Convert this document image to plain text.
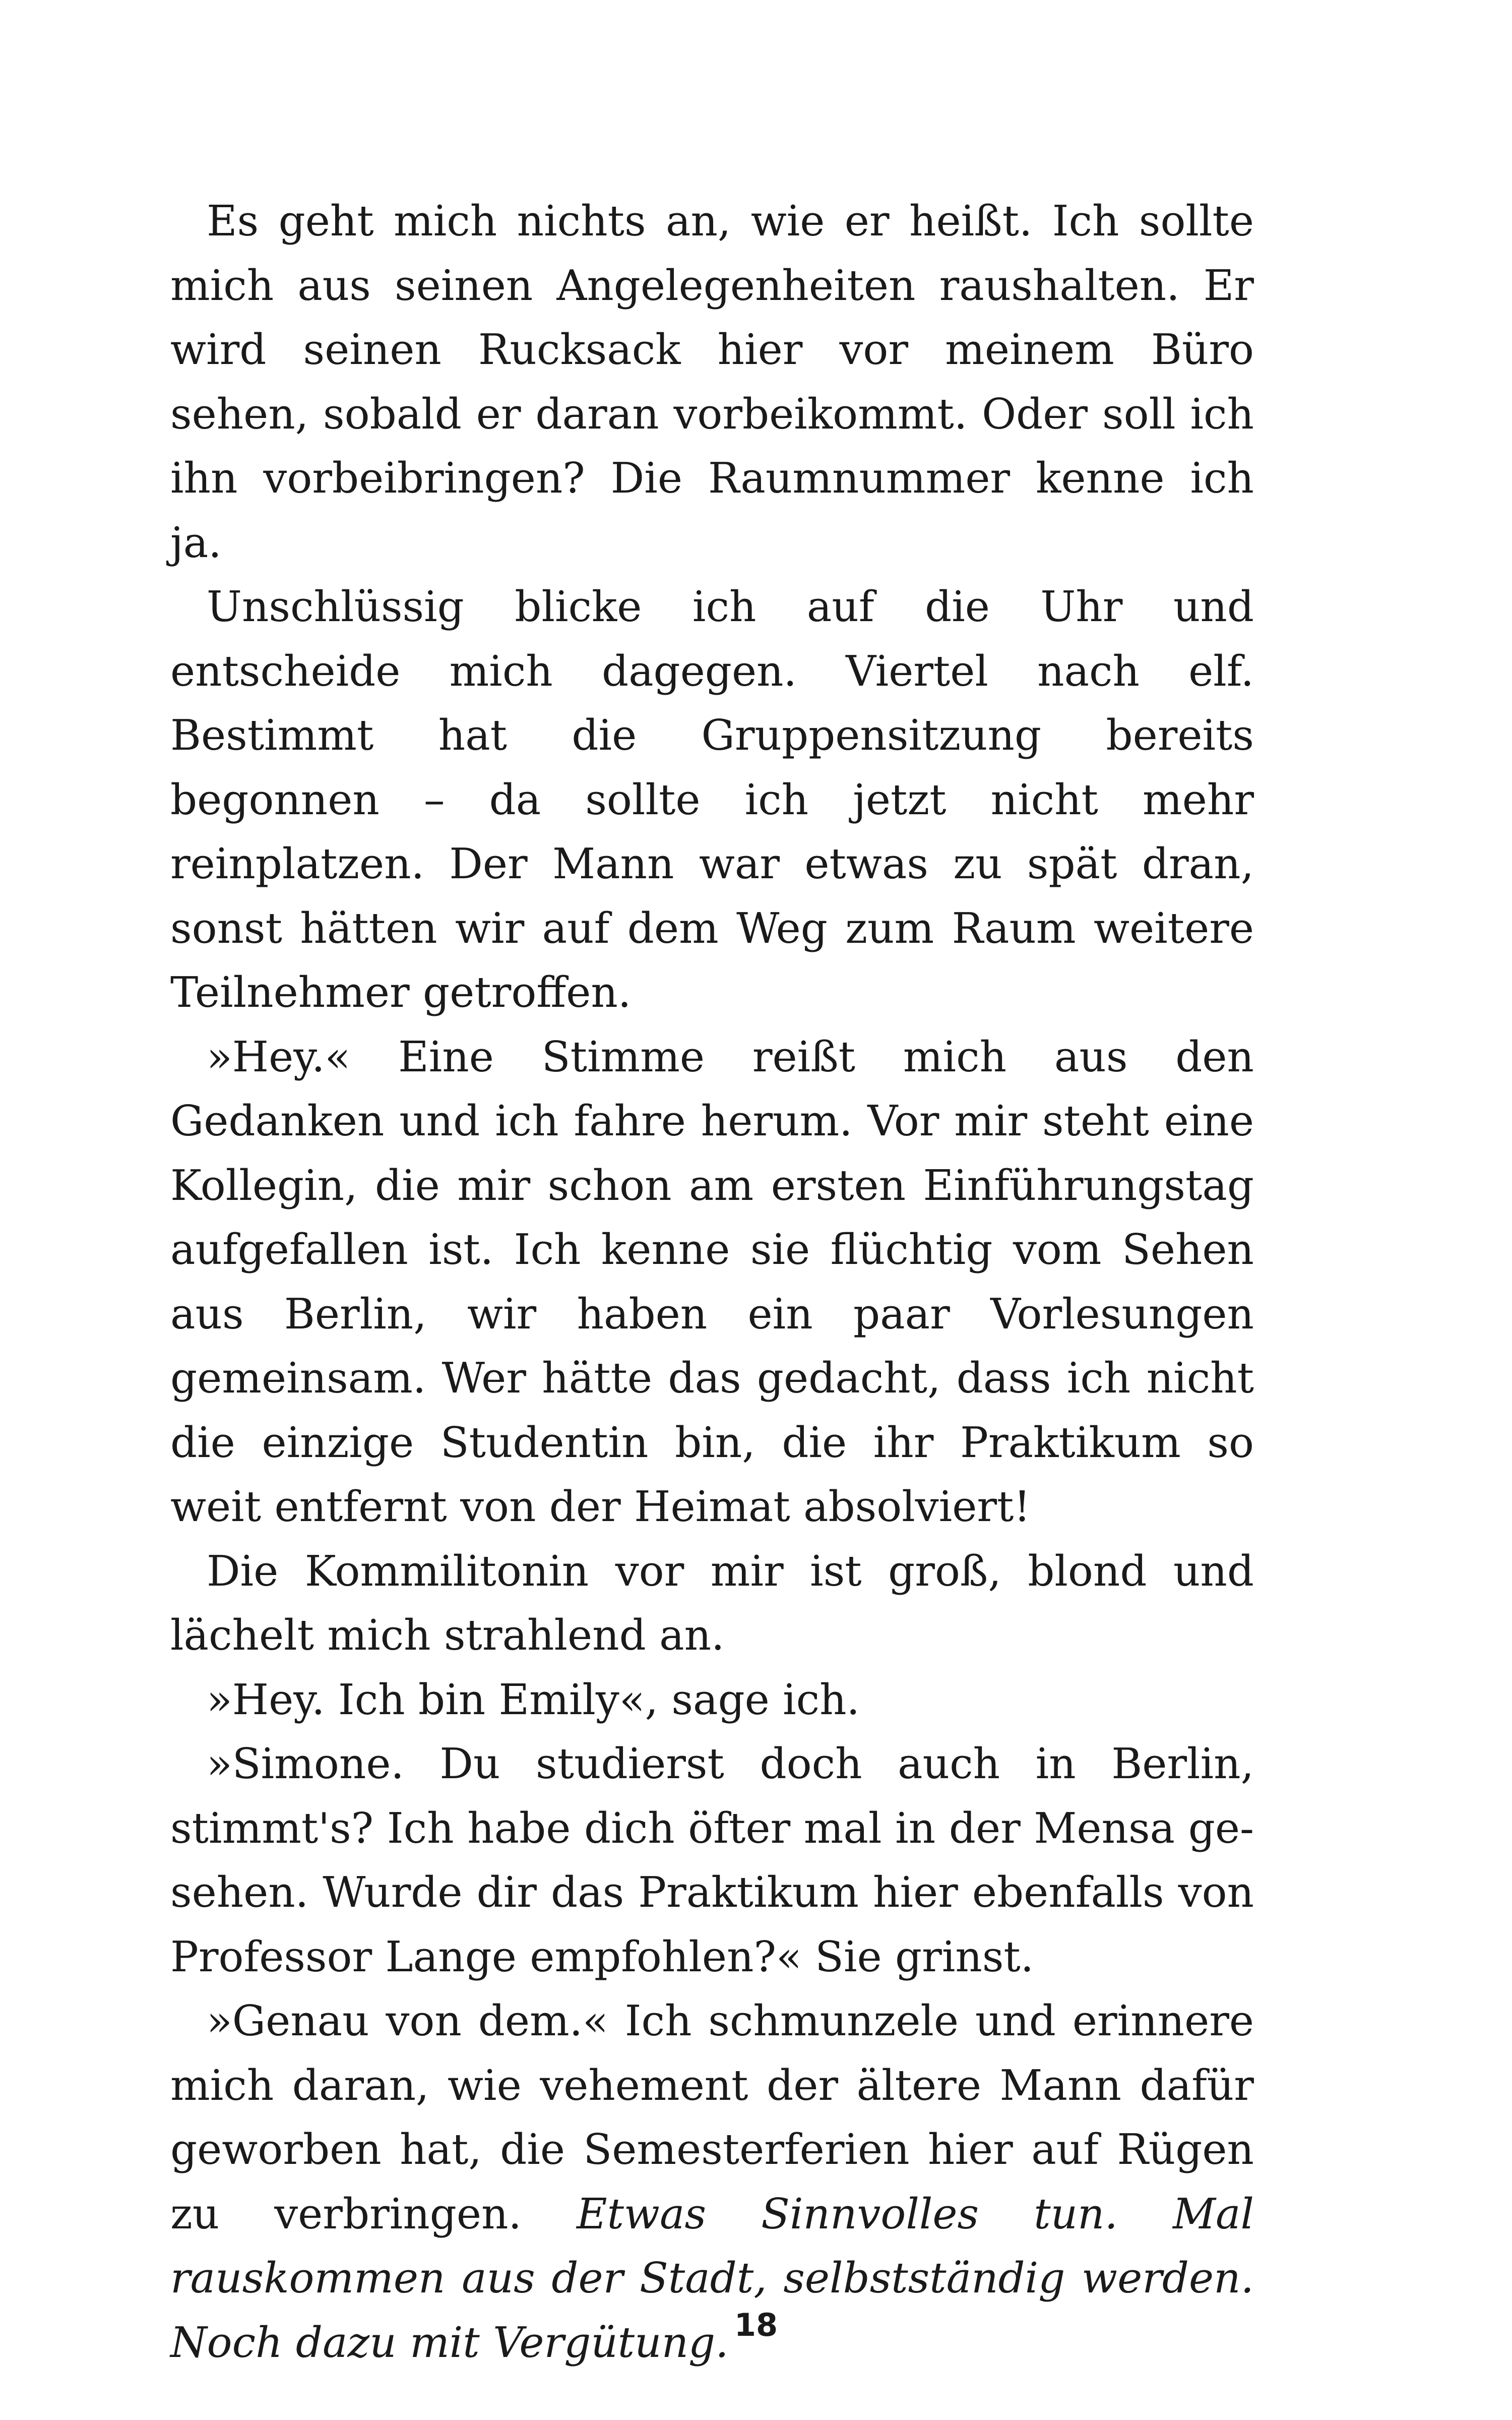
Es geht mich nichts an, wie er heißt. Ich sollte mich aus seinen Angelegenheiten raushalten. Er wird seinen Rucksack hier vor meinem Büro sehen, sobald er daran vorbeikommt. Oder soll ich ihn vorbeibringen? Die Raumnummer kenne ich ja.

Unschlüssig blicke ich auf die Uhr und entscheide mich dagegen. Viertel nach elf. Bestimmt hat die Gruppensitzung bereits begonnen – da sollte ich jetzt nicht mehr reinplatzen. Der Mann war etwas zu spät dran, sonst hätten wir auf dem Weg zum Raum weitere Teilnehmer getroffen.

»Hey.« Eine Stimme reißt mich aus den Gedanken und ich fahre herum. Vor mir steht eine Kollegin, die mir schon am ersten Einführungstag aufgefallen ist. Ich kenne sie flüchtig vom Sehen aus Berlin, wir haben ein paar Vorlesungen gemeinsam. Wer hätte das gedacht, dass ich nicht die einzige Studentin bin, die ihr Praktikum so weit entfernt von der Heimat absolviert!

Die Kommilitonin vor mir ist groß, blond und lächelt mich strahlend an.

»Hey. Ich bin Emily«, sage ich.

»Simone. Du studierst doch auch in Berlin, stimmt's? Ich habe dich öfter mal in der Mensa gesehen. Wurde dir das Praktikum hier ebenfalls von Professor Lange empfohlen?« Sie grinst.

»Genau von dem.« Ich schmunzele und erinnere mich daran, wie vehement der ältere Mann dafür geworben hat, die Semesterferien hier auf Rügen zu verbringen. Etwas Sinnvolles tun. Mal rauskommen aus der Stadt, selbstständig werden. Noch dazu mit Vergütung. 18
